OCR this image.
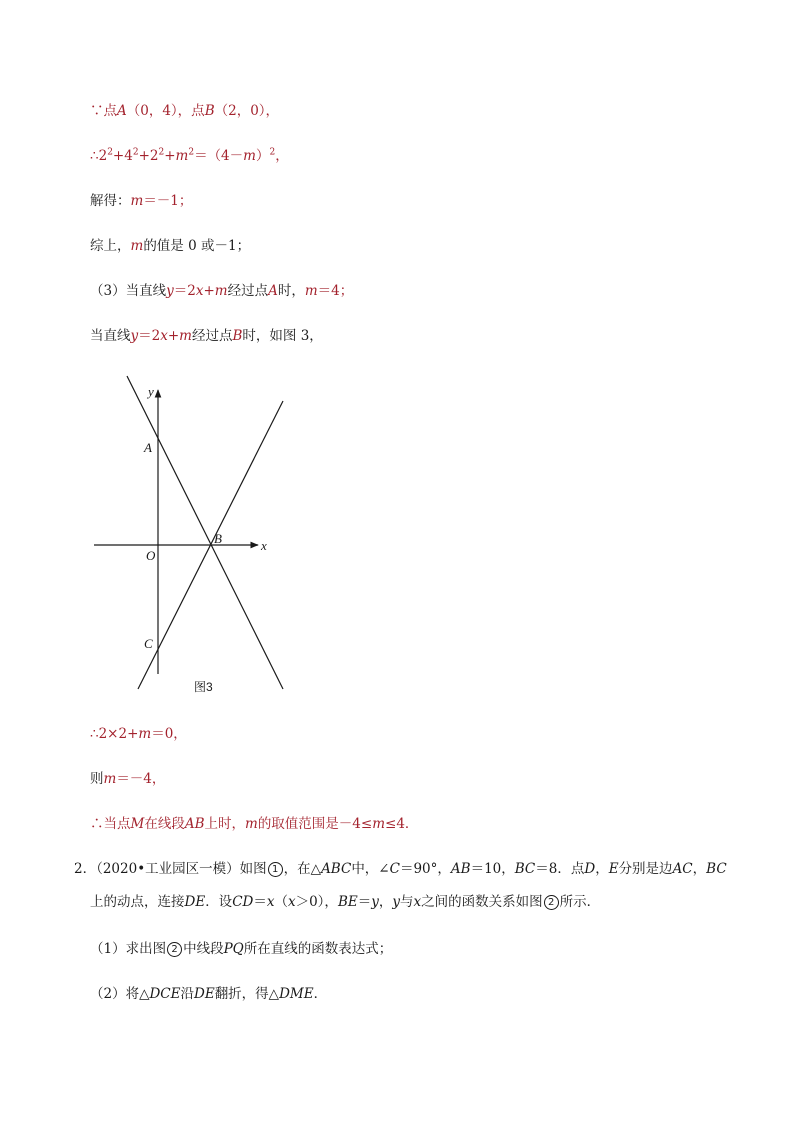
∵点A（0，4），点B（2，0），
$\therefore 2^2+4^2+2^2+m^2=(4-m)^2$，
解得：m＝－1；
综上，m的值是 0 或－1；
（3）当直线y＝2x+m经过点A时，m＝4；
当直线y＝2x+m经过点B时，如图 3，
y
x
A
B
O
C
图3
∴2×2+m＝0，
则m＝－4，
∴当点M在线段AB上时，m的取值范围是－4≤m≤4．
2．（2020•工业园区一模）如图 1 ，在△ABC中，∠C＝90°，AB＝10，BC＝8．点D，E分别是边AC，BC
上的动点，连接DE．设CD＝x（x＞0），BE＝y，y与x之间的函数关系如图 2 所示．
（1）求出图 2 中线段PQ所在直线的函数表达式；
（2）将△DCE沿DE翻折，得△DME．
